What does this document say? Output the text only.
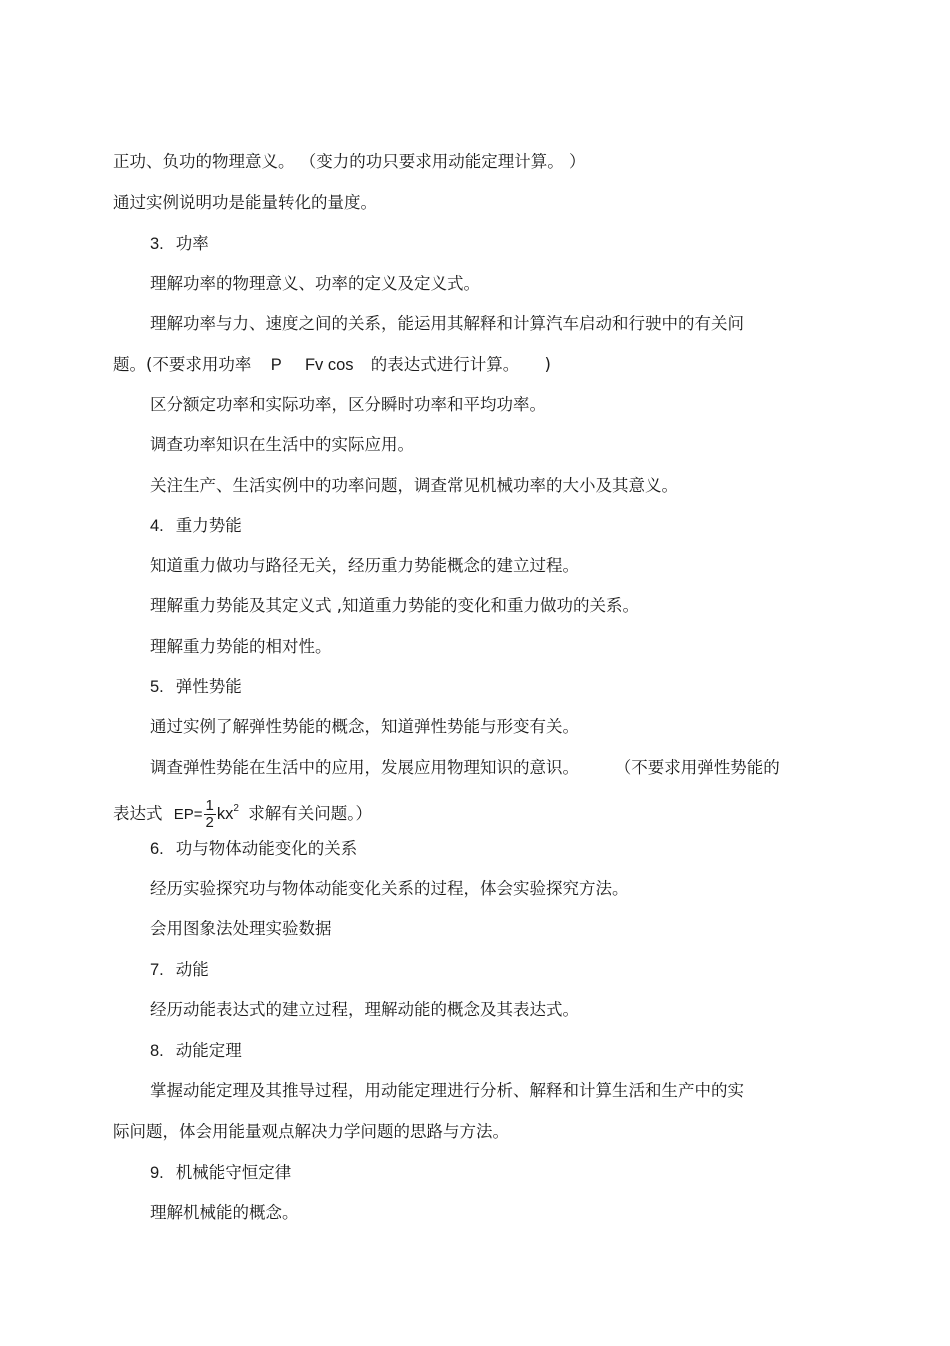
正功、负功的物理意义。 （变力的功只要求用动能定理计算。 ）
通过实例说明功是能量转化的量度。
3. 功率
理解功率的物理意义、功率的定义及定义式。
理解功率与力、速度之间的关系，能运用其解释和计算汽车启动和行驶中的有关问
题。(不要求用功率 P Fv cos 的表达式进行计算。 )
区分额定功率和实际功率，区分瞬时功率和平均功率。
调查功率知识在生活中的实际应用。
关注生产、生活实例中的功率问题，调查常见机械功率的大小及其意义。
4. 重力势能
知道重力做功与路径无关，经历重力势能概念的建立过程。
理解重力势能及其定义式 ,知道重力势能的变化和重力做功的关系。
理解重力势能的相对性。
5. 弹性势能
通过实例了解弹性势能的概念，知道弹性势能与形变有关。
调查弹性势能在生活中的应用，发展应用物理知识的意识。	（不要求用弹性势能的
表达式 $EP= \frac{1}{2} kx^2$ 求解有关问题。）
6. 功与物体动能变化的关系
经历实验探究功与物体动能变化关系的过程，体会实验探究方法。
会用图象法处理实验数据
7. 动能
经历动能表达式的建立过程，理解动能的概念及其表达式。
8. 动能定理
掌握动能定理及其推导过程，用动能定理进行分析、解释和计算生活和生产中的实
际问题，体会用能量观点解决力学问题的思路与方法。
9. 机械能守恒定律
理解机械能的概念。
